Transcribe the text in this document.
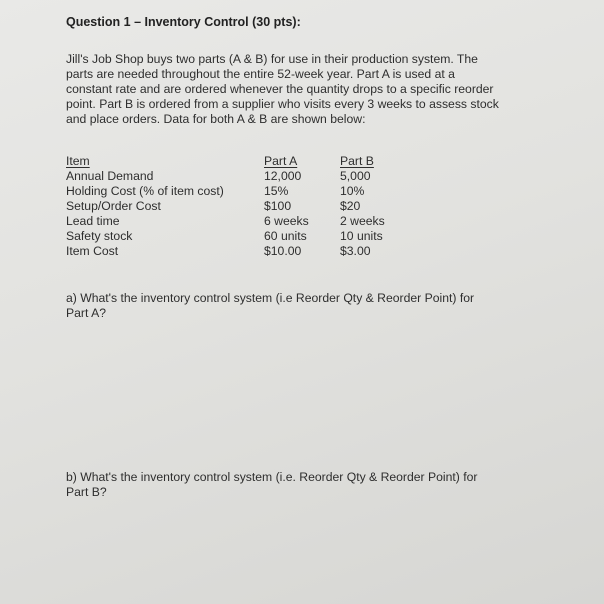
Question 1 – Inventory Control (30 pts):
Jill's Job Shop buys two parts (A & B) for use in their production system. The
parts are needed throughout the entire 52-week year. Part A is used at a
constant rate and are ordered whenever the quantity drops to a specific reorder
point. Part B is ordered from a supplier who visits every 3 weeks to assess stock
and place orders. Data for both A & B are shown below:
Item	Part A	Part B
Annual Demand	12,000	5,000
Holding Cost (% of item cost)	15%	10%
Setup/Order Cost	$100	$20
Lead time	6 weeks	2 weeks
Safety stock	60 units	10 units
Item Cost	$10.00	$3.00
a) What's the inventory control system (i.e Reorder Qty & Reorder Point) for
Part A?
b) What's the inventory control system (i.e. Reorder Qty & Reorder Point) for
Part B?
